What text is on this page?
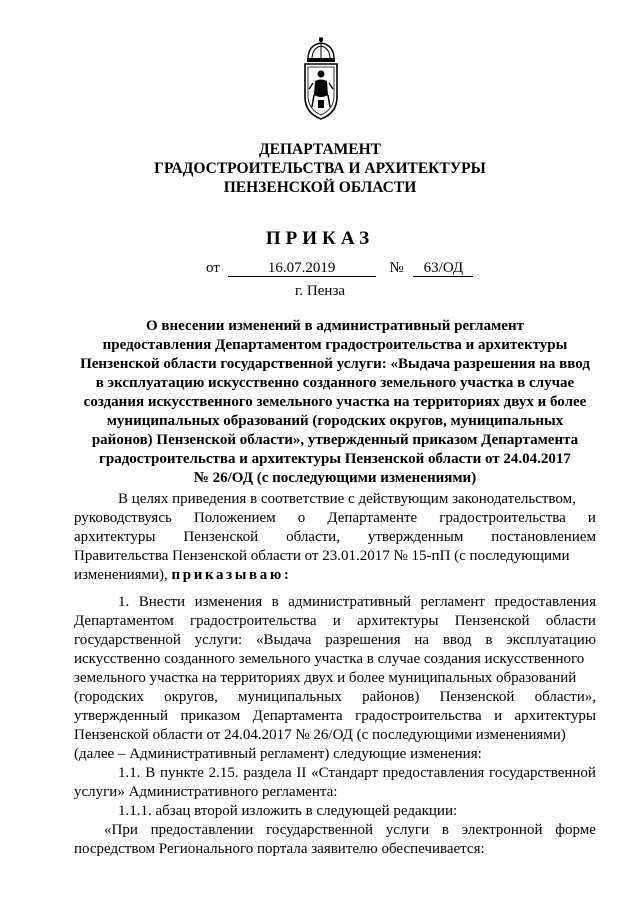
ДЕПАРТАМЕНТ
ГРАДОСТРОИТЕЛЬСТВА И АРХИТЕКТУРЫ
ПЕНЗЕНСКОЙ ОБЛАСТИ
ПРИКАЗ
от	16.07.2019	№ 63/ОД
г. Пенза
О внесении изменений в административный регламент
предоставления Департаментом градостроительства и архитектуры
Пензенской области государственной услуги: «Выдача разрешения на ввод
в эксплуатацию искусственно созданного земельного участка в случае
создания искусственного земельного участка на территориях двух и более
муниципальных образований (городских округов, муниципальных
районов) Пензенской области», утвержденный приказом Департамента
градостроительства и архитектуры Пензенской области от 24.04.2017
№ 26/ОД (с последующими изменениями)
В целях приведения в соответствие с действующим законодательством,
руководствуясь Положением о Департаменте градостроительства и
архитектуры Пензенской области, утвержденным постановлением
Правительства Пензенской области от 23.01.2017 № 15-пП (с последующими
изменениями), приказываю:
1. Внести изменения в административный регламент предоставления
Департаментом градостроительства и архитектуры Пензенской области
государственной услуги: «Выдача разрешения на ввод в эксплуатацию
искусственно созданного земельного участка в случае создания искусственного
земельного участка на территориях двух и более муниципальных образований
(городских округов, муниципальных районов) Пензенской области»,
утвержденный приказом Департамента градостроительства и архитектуры
Пензенской области от 24.04.2017 № 26/ОД (с последующими изменениями)
(далее – Административный регламент) следующие изменения:
1.1. В пункте 2.15. раздела II «Стандарт предоставления государственной
услуги» Административного регламента:
1.1.1. абзац второй изложить в следующей редакции:
«При предоставлении государственной услуги в электронной форме
посредством Регионального портала заявителю обеспечивается:
